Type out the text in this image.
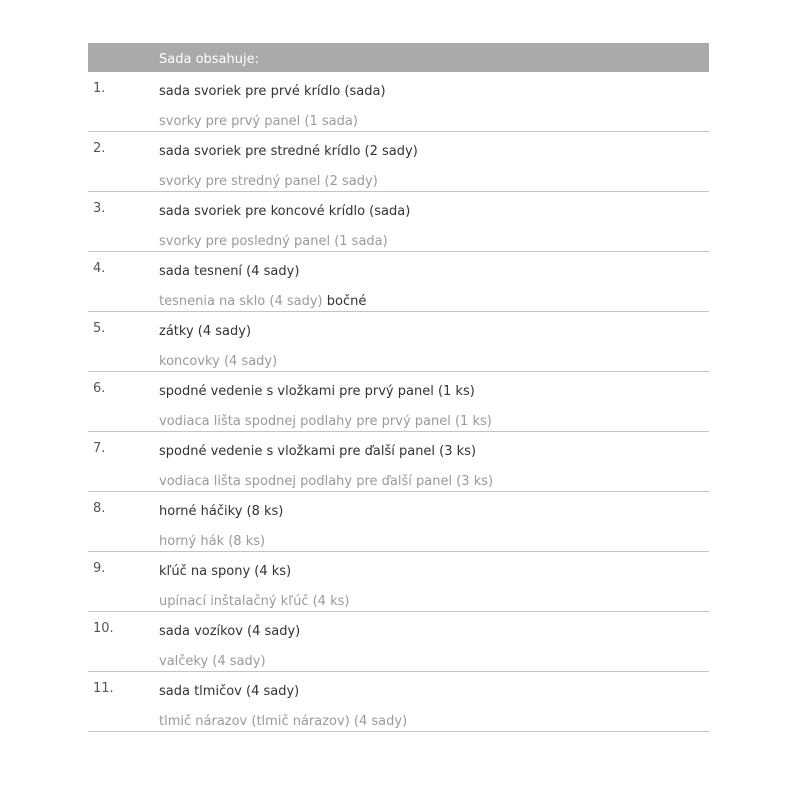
Sada obsahuje:
1.	sada svoriek pre prvé krídlo (sada)
svorky pre prvý panel (1 sada)
2.	sada svoriek pre stredné krídlo (2 sady)
svorky pre stredný panel (2 sady)
3.	sada svoriek pre koncové krídlo (sada)
svorky pre posledný panel (1 sada)
4.	sada tesnení (4 sady)
tesnenia na sklo (4 sady) bočné
5.	zátky (4 sady)
koncovky (4 sady)
6.	spodné vedenie s vložkami pre prvý panel (1 ks)
vodiaca lišta spodnej podlahy pre prvý panel (1 ks)
7.	spodné vedenie s vložkami pre ďalší panel (3 ks)
vodiaca lišta spodnej podlahy pre ďalší panel (3 ks)
8.	horné háčiky (8 ks)
horný hák (8 ks)
9.	kľúč na spony (4 ks)
upínací inštalačný kľúč (4 ks)
10.	sada vozíkov (4 sady)
valčeky (4 sady)
11.	sada tlmičov (4 sady)
tlmič nárazov (tlmič nárazov) (4 sady)
